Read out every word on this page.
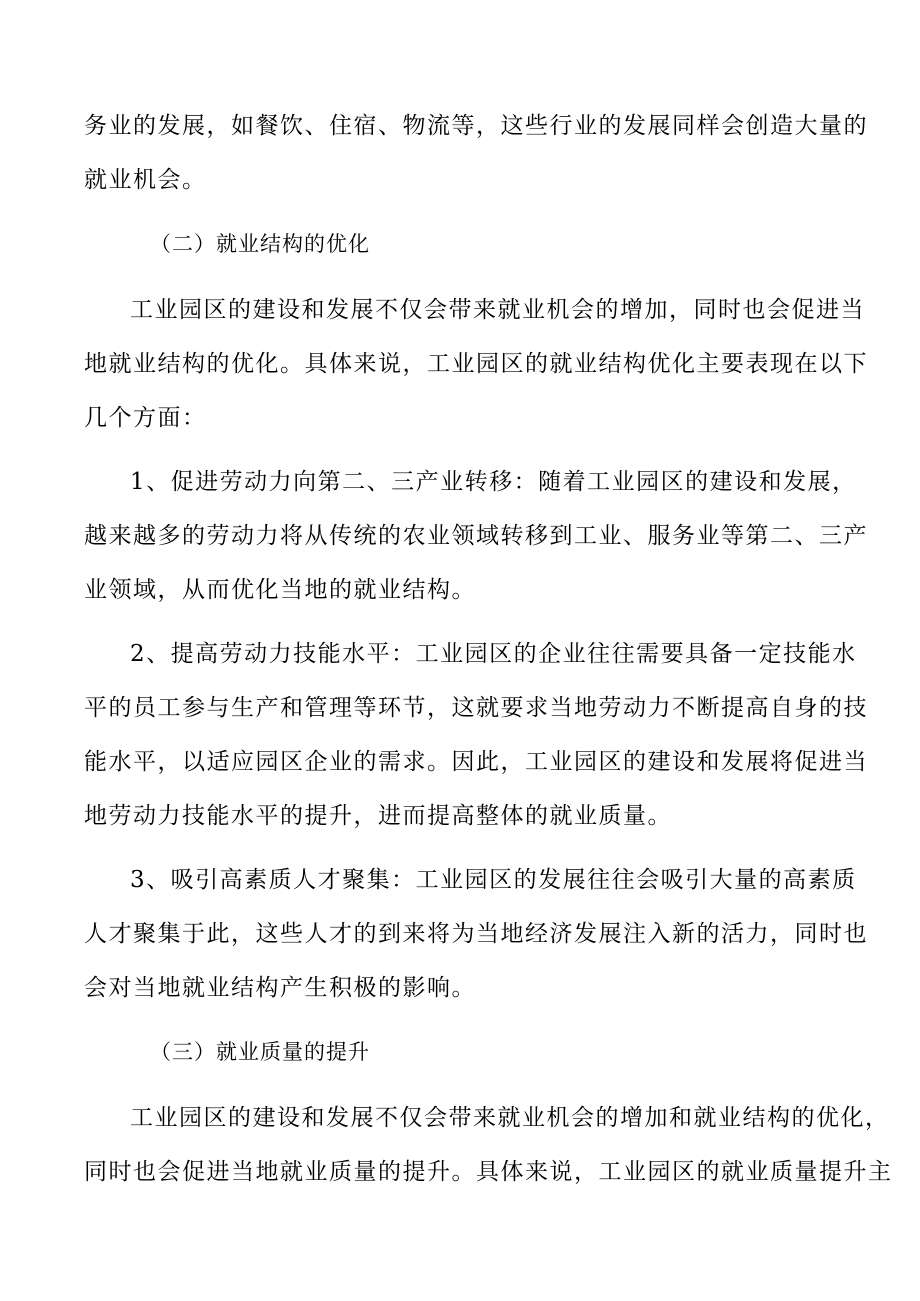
务业的发展，如餐饮、住宿、物流等，这些行业的发展同样会创造大量的
就业机会。
（二）就业结构的优化
工业园区的建设和发展不仅会带来就业机会的增加，同时也会促进当
地就业结构的优化。具体来说，工业园区的就业结构优化主要表现在以下
几个方面：
1、促进劳动力向第二、三产业转移：随着工业园区的建设和发展，
越来越多的劳动力将从传统的农业领域转移到工业、服务业等第二、三产
业领域，从而优化当地的就业结构。
2、提高劳动力技能水平：工业园区的企业往往需要具备一定技能水
平的员工参与生产和管理等环节，这就要求当地劳动力不断提高自身的技
能水平，以适应园区企业的需求。因此，工业园区的建设和发展将促进当
地劳动力技能水平的提升，进而提高整体的就业质量。
3、吸引高素质人才聚集：工业园区的发展往往会吸引大量的高素质
人才聚集于此，这些人才的到来将为当地经济发展注入新的活力，同时也
会对当地就业结构产生积极的影响。
（三）就业质量的提升
工业园区的建设和发展不仅会带来就业机会的增加和就业结构的优化，
同时也会促进当地就业质量的提升。具体来说，工业园区的就业质量提升主
